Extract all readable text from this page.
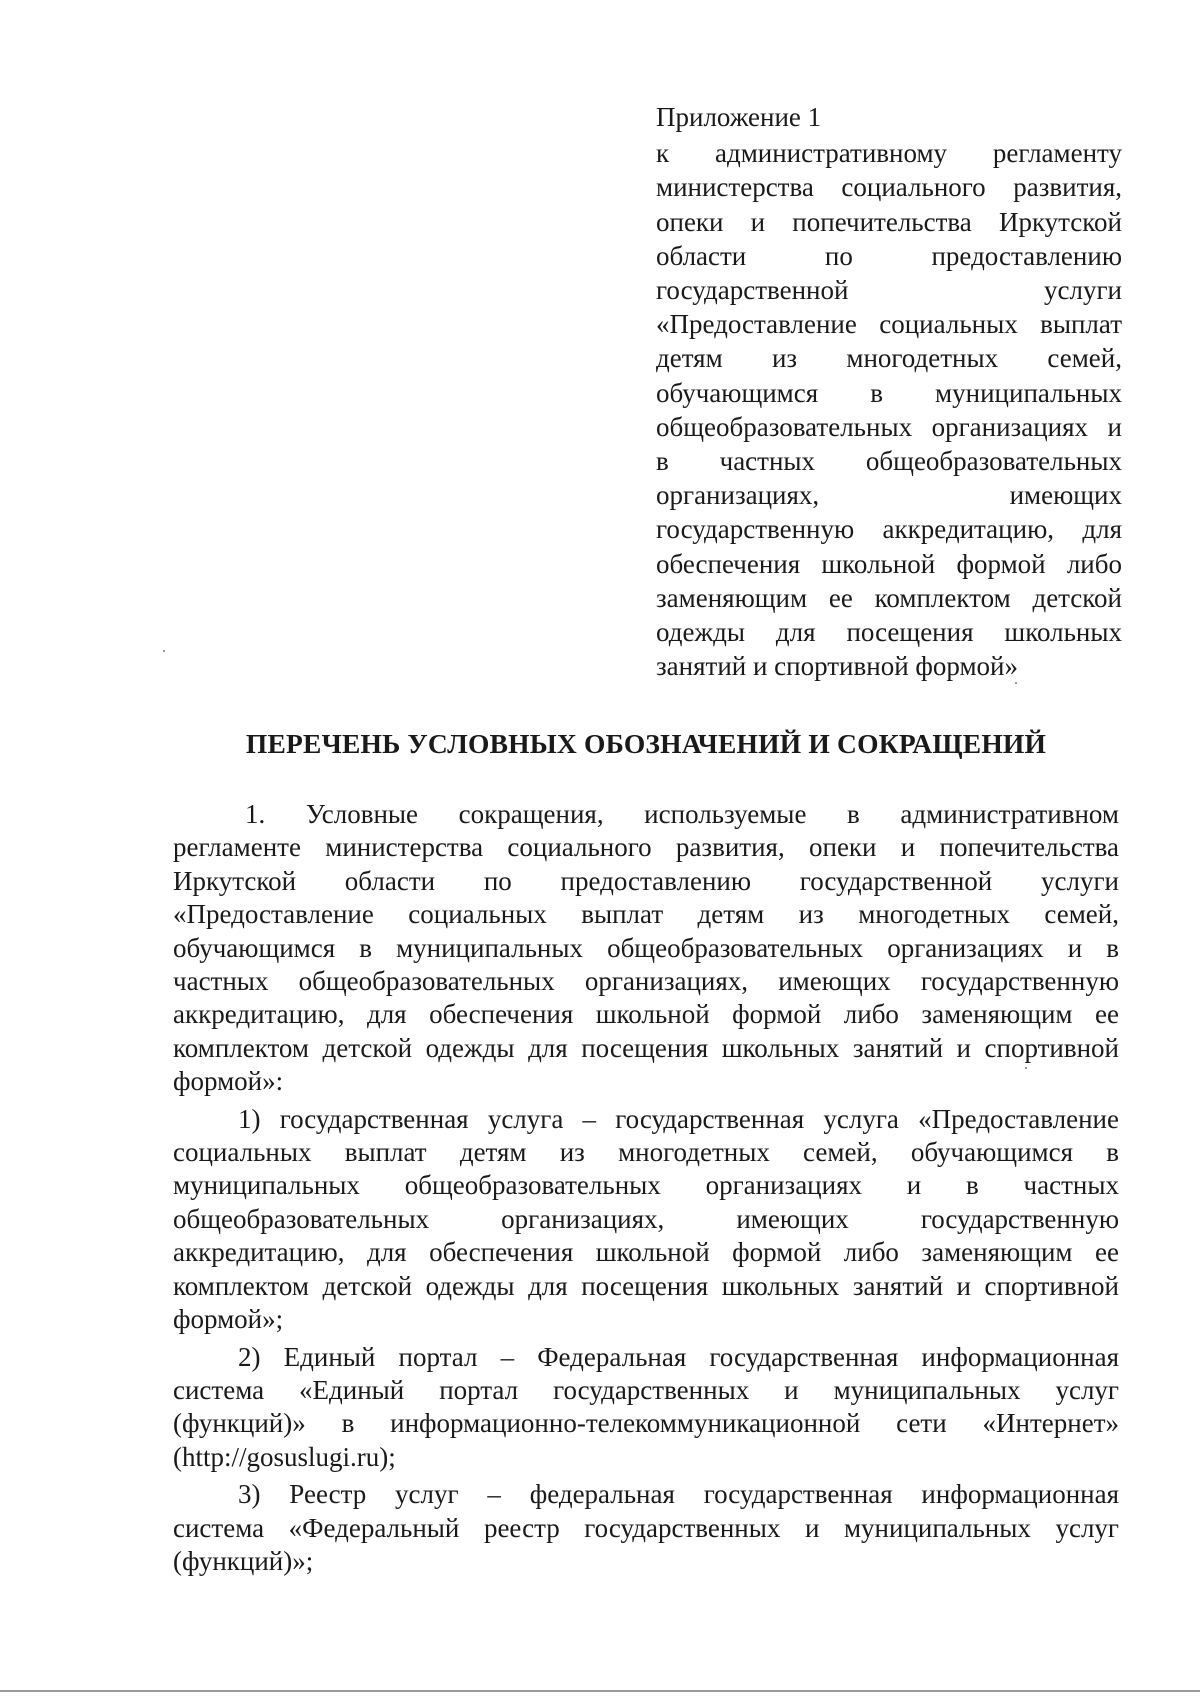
Приложение 1
к административному регламенту
министерства социального развития,
опеки и попечительства Иркутской
области по предоставлению
государственной услуги
«Предоставление социальных выплат
детям из многодетных семей,
обучающимся в муниципальных
общеобразовательных организациях и
в частных общеобразовательных
организациях, имеющих
государственную аккредитацию, для
обеспечения школьной формой либо
заменяющим ее комплектом детской
одежды для посещения школьных
занятий и спортивной формой»
ПЕРЕЧЕНЬ УСЛОВНЫХ ОБОЗНАЧЕНИЙ И СОКРАЩЕНИЙ
1. Условные сокращения, используемые в административном
регламенте министерства социального развития, опеки и попечительства
Иркутской области по предоставлению государственной услуги
«Предоставление социальных выплат детям из многодетных семей,
обучающимся в муниципальных общеобразовательных организациях и в
частных общеобразовательных организациях, имеющих государственную
аккредитацию, для обеспечения школьной формой либо заменяющим ее
комплектом детской одежды для посещения школьных занятий и спортивной
формой»:
1) государственная услуга – государственная услуга «Предоставление
социальных выплат детям из многодетных семей, обучающимся в
муниципальных общеобразовательных организациях и в частных
общеобразовательных организациях, имеющих государственную
аккредитацию, для обеспечения школьной формой либо заменяющим ее
комплектом детской одежды для посещения школьных занятий и спортивной
формой»;
2) Единый портал – Федеральная государственная информационная
система «Единый портал государственных и муниципальных услуг
(функций)» в информационно-телекоммуникационной сети «Интернет»
(http://gosuslugi.ru);
3) Реестр услуг – федеральная государственная информационная
система «Федеральный реестр государственных и муниципальных услуг
(функций)»;
